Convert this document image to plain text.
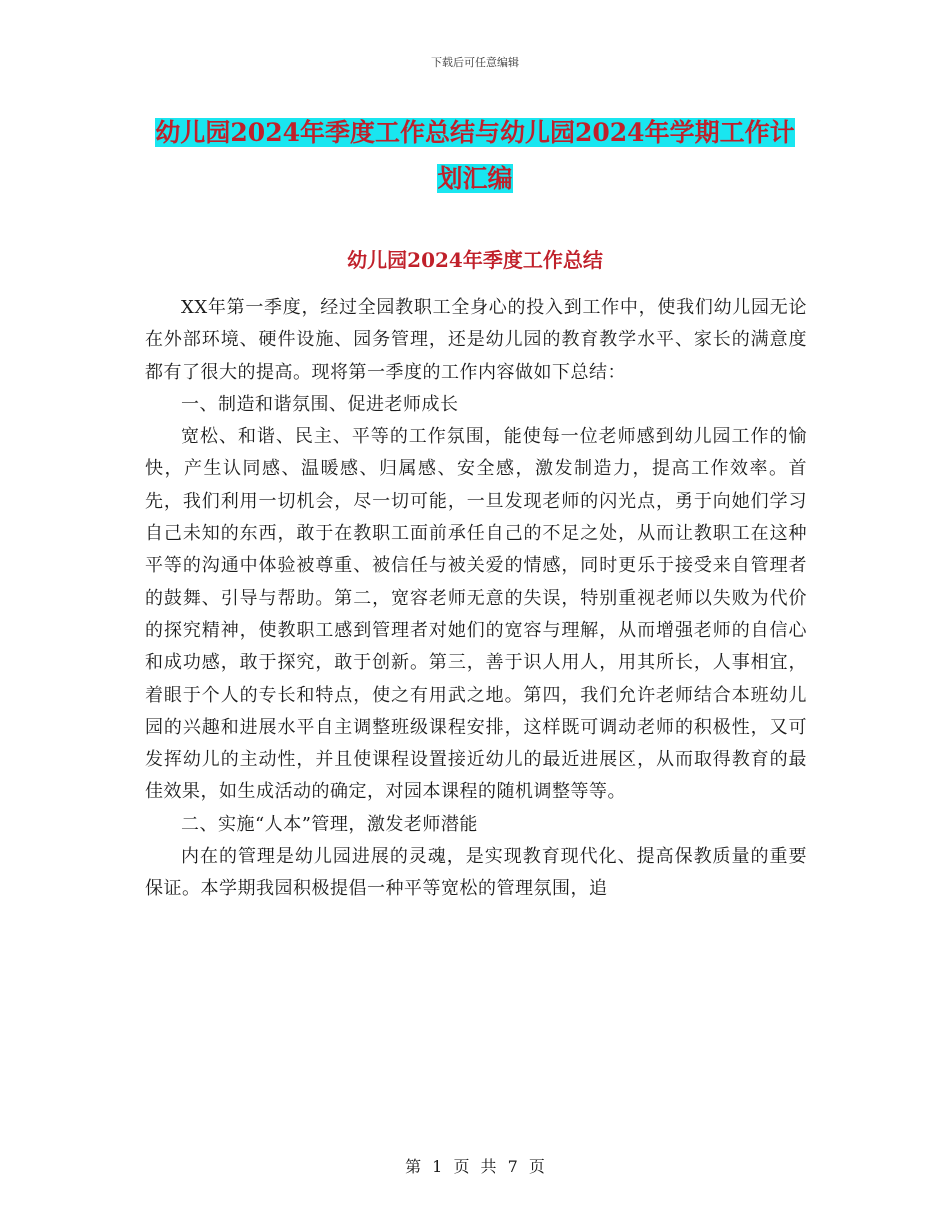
下载后可任意编辑
幼儿园2024年季度工作总结与幼儿园2024年学期工作计划汇编
幼儿园2024年季度工作总结

XX年第一季度，经过全园教职工全身心的投入到工作中，使我们幼儿园无论在外部环境、硬件设施、园务管理，还是幼儿园的教育教学水平、家长的满意度都有了很大的提高。现将第一季度的工作内容做如下总结：

一、制造和谐氛围、促进老师成长

宽松、和谐、民主、平等的工作氛围，能使每一位老师感到幼儿园工作的愉快，产生认同感、温暖感、归属感、安全感，激发制造力，提高工作效率。首先，我们利用一切机会，尽一切可能，一旦发现老师的闪光点，勇于向她们学习自己未知的东西，敢于在教职工面前承任自己的不足之处，从而让教职工在这种平等的沟通中体验被尊重、被信任与被关爱的情感，同时更乐于接受来自管理者的鼓舞、引导与帮助。第二，宽容老师无意的失误，特别重视老师以失败为代价的探究精神，使教职工感到管理者对她们的宽容与理解，从而增强老师的自信心和成功感，敢于探究，敢于创新。第三，善于识人用人，用其所长，人事相宜，着眼于个人的专长和特点，使之有用武之地。第四，我们允许老师结合本班幼儿园的兴趣和进展水平自主调整班级课程安排，这样既可调动老师的积极性，又可发挥幼儿的主动性，并且使课程设置接近幼儿的最近进展区，从而取得教育的最佳效果，如生成活动的确定，对园本课程的随机调整等等。

二、实施“人本”管理，激发老师潜能

内在的管理是幼儿园进展的灵魂，是实现教育现代化、提高保教质量的重要保证。本学期我园积极提倡一种平等宽松的管理氛围，追

第 1 页 共 7 页
